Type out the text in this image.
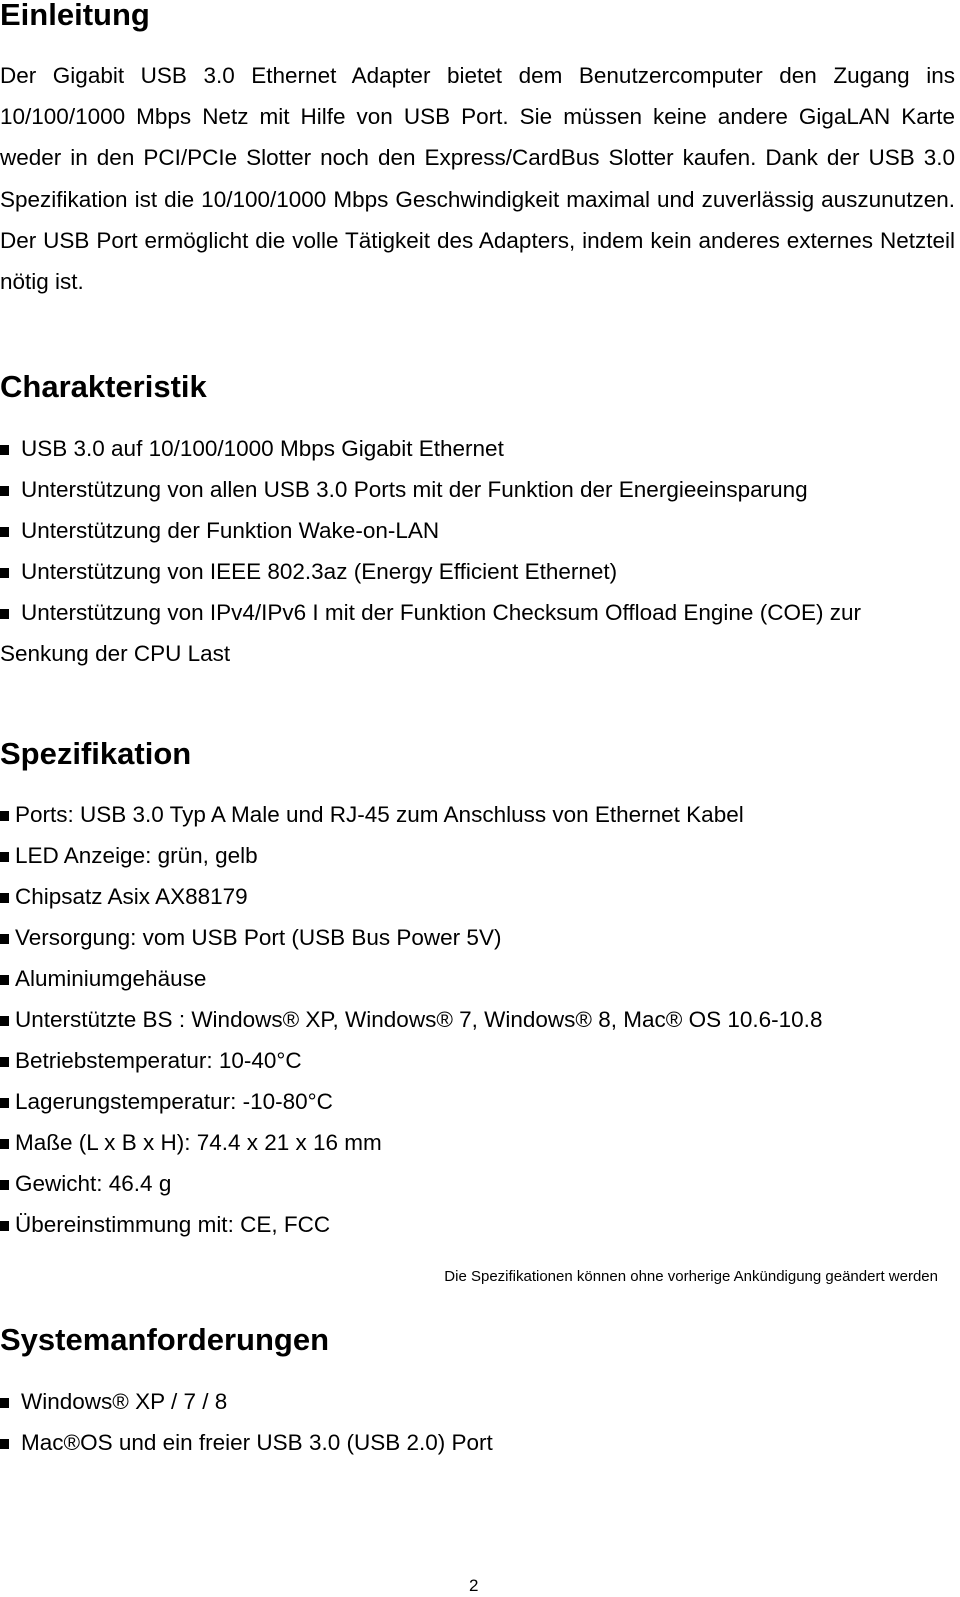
Einleitung

Der Gigabit USB 3.0 Ethernet Adapter bietet dem Benutzercomputer den Zugang ins 10/100/1000 Mbps Netz mit Hilfe von USB Port. Sie müssen keine andere GigaLAN Karte weder in den PCI/PCIe Slotter noch den Express/CardBus Slotter kaufen. Dank der USB 3.0 Spezifikation ist die 10/100/1000 Mbps Geschwindigkeit maximal und zuverlässig auszunutzen. Der USB Port ermöglicht die volle Tätigkeit des Adapters, indem kein anderes externes Netzteil nötig ist.

Charakteristik
USB 3.0 auf 10/100/1000 Mbps Gigabit Ethernet
Unterstützung von allen USB 3.0 Ports mit der Funktion der Energieeinsparung
Unterstützung der Funktion Wake-on-LAN
Unterstützung von IEEE 802.3az (Energy Efficient Ethernet)
Unterstützung von IPv4/IPv6 I mit der Funktion Checksum Offload Engine (COE) zur Senkung der CPU Last
Spezifikation
Ports: USB 3.0 Typ A Male und RJ-45 zum Anschluss von Ethernet Kabel
LED Anzeige: grün, gelb
Chipsatz Asix AX88179
Versorgung: vom USB Port (USB Bus Power 5V)
Aluminiumgehäuse
Unterstützte BS : Windows® XP, Windows® 7, Windows® 8, Mac® OS 10.6-10.8
Betriebstemperatur: 10-40°C
Lagerungstemperatur: -10-80°C
Maße (L x B x H): 74.4 x 21 x 16 mm
Gewicht: 46.4 g
Übereinstimmung mit: CE, FCC
Die Spezifikationen können ohne vorherige Ankündigung geändert werden
Systemanforderungen
Windows® XP / 7 / 8
Mac®OS und ein freier USB 3.0 (USB 2.0) Port
2
